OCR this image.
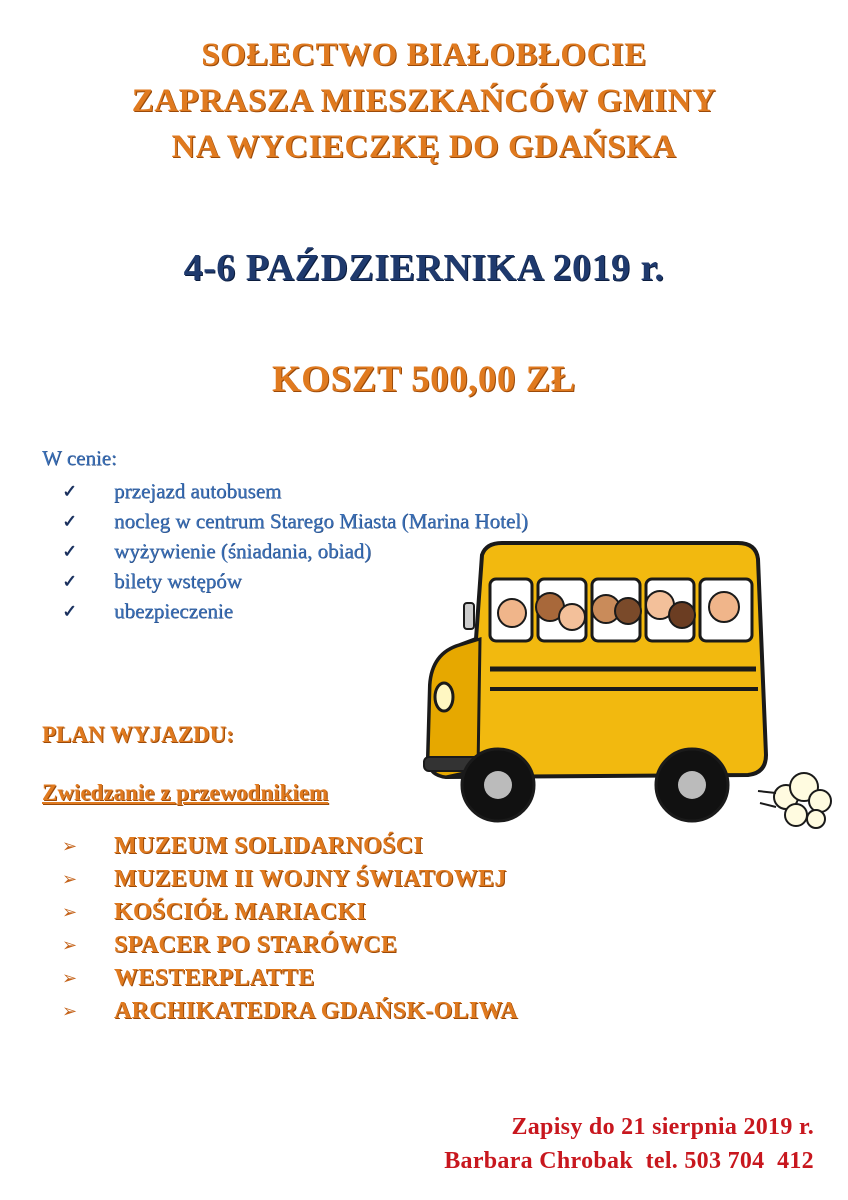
SOŁECTWO BIAŁOBŁOCIE
ZAPRASZA MIESZKAŃCÓW GMINY
NA WYCIECZKĘ DO GDAŃSKA
4-6 PAŹDZIERNIKA 2019 r.
KOSZT 500,00 ZŁ
W cenie:
✓	przejazd autobusem
✓	nocleg w centrum Starego Miasta (Marina Hotel)
✓	wyżywienie (śniadania, obiad)
✓	bilety wstępów
✓	ubezpieczenie
PLAN WYJAZDU:
Zwiedzanie z przewodnikiem
➢	MUZEUM SOLIDARNOŚCI
➢	MUZEUM II WOJNY ŚWIATOWEJ
➢	KOŚCIÓŁ MARIACKI
➢	SPACER PO STARÓWCE
➢	WESTERPLATTE
➢	ARCHIKATEDRA GDAŃSK-OLIWA
Zapisy do 21 sierpnia 2019 r.
Barbara Chrobak  tel. 503 704  412
